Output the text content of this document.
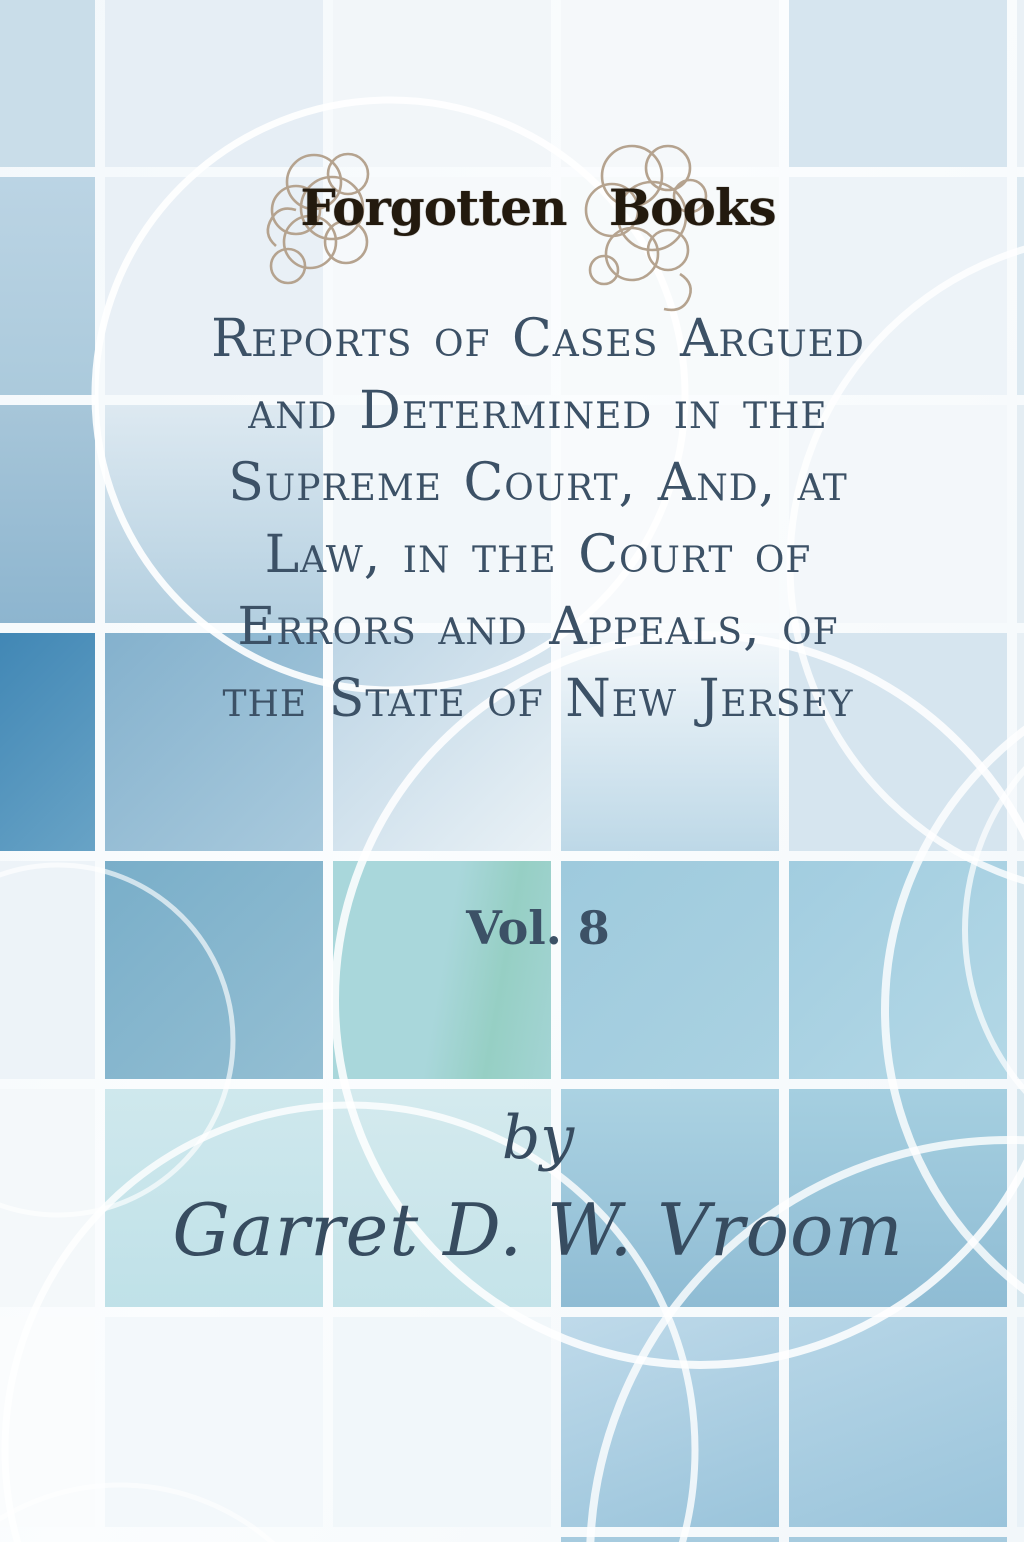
Forgotten Books
Reports of Cases Argued
and Determined in the
Supreme Court, And, at
Law, in the Court of
Errors and Appeals, of
the State of New Jersey
Vol. 8
by
Garret D. W. Vroom
